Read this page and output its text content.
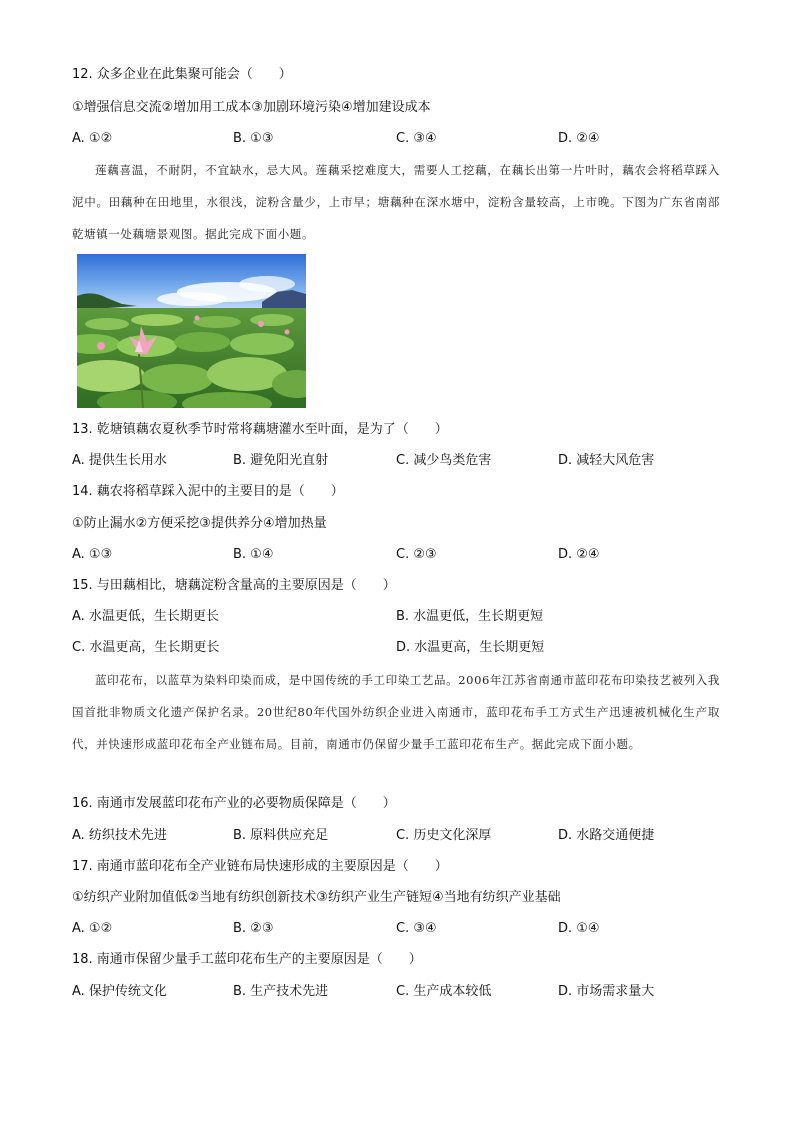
12. 众多企业在此集聚可能会（　　）
①增强信息交流②增加用工成本③加剧环境污染④增加建设成本
A. ①②	B. ①③	C. ③④	D. ②④
莲藕喜温，不耐阴，不宜缺水，忌大风。莲藕采挖难度大，需要人工挖藕，在藕长出第一片叶时，藕农会将稻草踩入泥中。田藕种在田地里，水很浅，淀粉含量少，上市早；塘藕种在深水塘中，淀粉含量较高，上市晚。下图为广东省南部乾塘镇一处藕塘景观图。据此完成下面小题。
13. 乾塘镇藕农夏秋季节时常将藕塘灌水至叶面，是为了（　　）
A. 提供生长用水	B. 避免阳光直射	C. 减少鸟类危害	D. 减轻大风危害
14. 藕农将稻草踩入泥中的主要目的是（　　）
①防止漏水②方便采挖③提供养分④增加热量
A. ①③	B. ①④	C. ②③	D. ②④
15. 与田藕相比，塘藕淀粉含量高的主要原因是（　　）
A. 水温更低，生长期更长	B. 水温更低，生长期更短
C. 水温更高，生长期更长	D. 水温更高，生长期更短
蓝印花布，以蓝草为染料印染而成，是中国传统的手工印染工艺品。2006年江苏省南通市蓝印花布印染技艺被列入我国首批非物质文化遗产保护名录。20世纪80年代国外纺织企业进入南通市，蓝印花布手工方式生产迅速被机械化生产取代，并快速形成蓝印花布全产业链布局。目前，南通市仍保留少量手工蓝印花布生产。据此完成下面小题。
16. 南通市发展蓝印花布产业的必要物质保障是（　　）
A. 纺织技术先进	B. 原料供应充足	C. 历史文化深厚	D. 水路交通便捷
17. 南通市蓝印花布全产业链布局快速形成的主要原因是（　　）
①纺织产业附加值低②当地有纺织创新技术③纺织产业生产链短④当地有纺织产业基础
A. ①②	B. ②③	C. ③④	D. ①④
18. 南通市保留少量手工蓝印花布生产的主要原因是（　　）
A. 保护传统文化	B. 生产技术先进	C. 生产成本较低	D. 市场需求量大
